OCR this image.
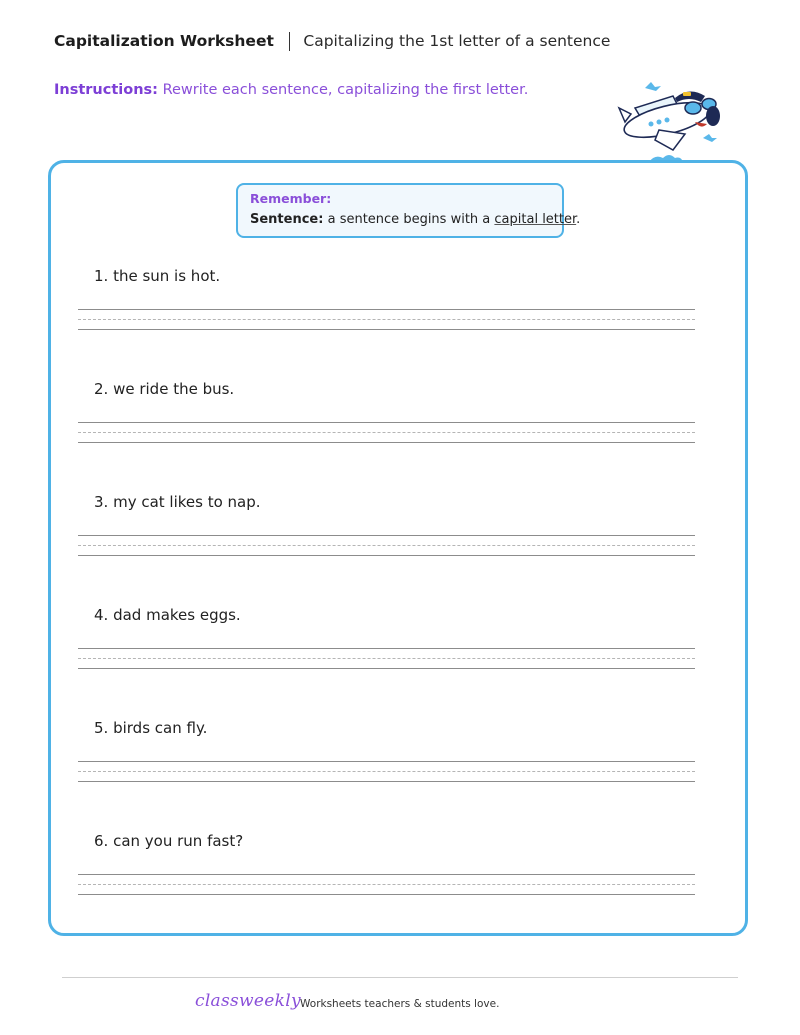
Capitalization Worksheet Capitalizing the 1st letter of a sentence
Instructions: Rewrite each sentence, capitalizing the first letter.
Remember:
Sentence: a sentence begins with a capital letter.
1. the sun is hot.
2. we ride the bus.
3. my cat likes to nap.
4. dad makes eggs.
5. birds can fly.
6. can you run fast?
classweekly Worksheets teachers & students love.
